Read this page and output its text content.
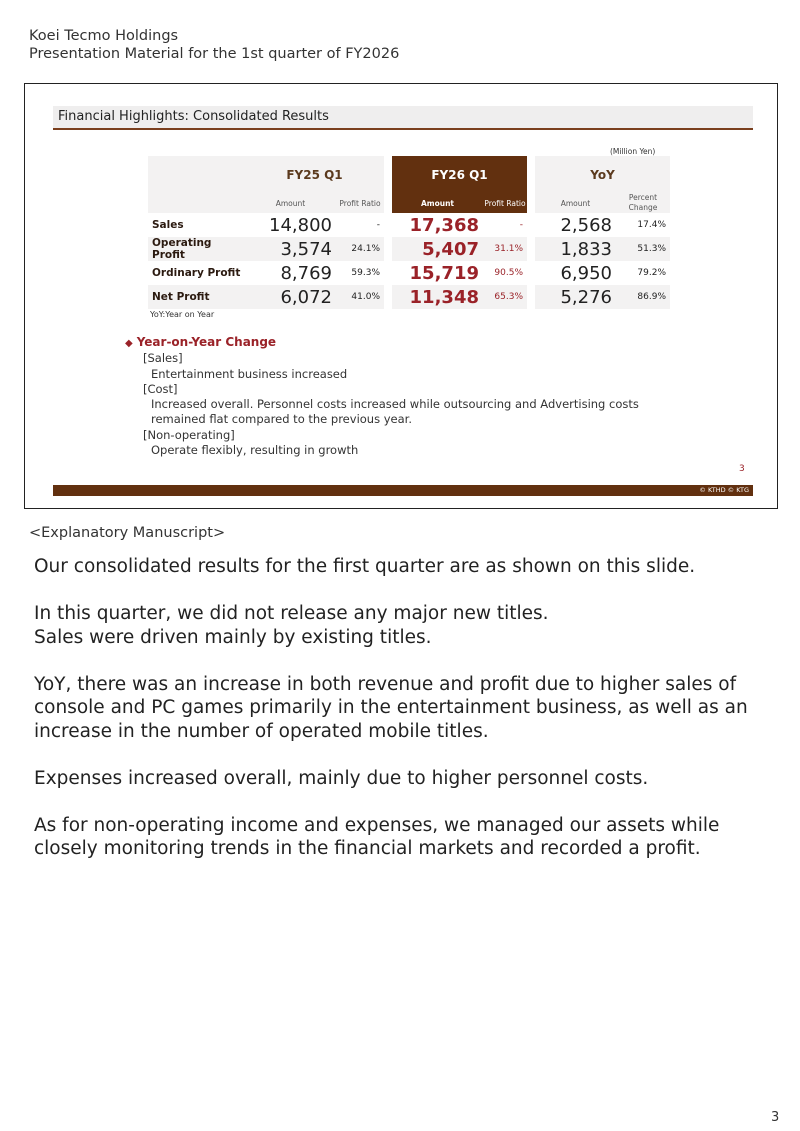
Koei Tecmo Holdings
Presentation Material for the 1st quarter of FY2026
Financial Highlights: Consolidated Results
(Million Yen)
	FY25 Q1			FY26 Q1			YoY	
	Amount	Profit Ratio		Amount	Profit Ratio		Amount	Percent
Change

Sales	14,800	-		17,368	-		2,568	17.4%
Operating Profit	3,574	24.1%		5,407	31.1%		1,833	51.3%
Ordinary Profit	8,769	59.3%		15,719	90.5%		6,950	79.2%
Net Profit	6,072	41.0%		11,348	65.3%		5,276	86.9%
YoY:Year on Year
◆ Year-on-Year Change
[Sales]
Entertainment business increased
[Cost]
Increased overall. Personnel costs increased while outsourcing and Advertising costs
remained flat compared to the previous year.
[Non-operating]
Operate flexibly, resulting in growth
3
© KTHD © KTG
<Explanatory Manuscript>

Our consolidated results for the first quarter are as shown on this slide.

In this quarter, we did not release any major new titles.
Sales were driven mainly by existing titles.

YoY, there was an increase in both revenue and profit due to higher sales of
console and PC games primarily in the entertainment business, as well as an
increase in the number of operated mobile titles.

Expenses increased overall, mainly due to higher personnel costs.

As for non-operating income and expenses, we managed our assets while
closely monitoring trends in the financial markets and recorded a profit.

3
